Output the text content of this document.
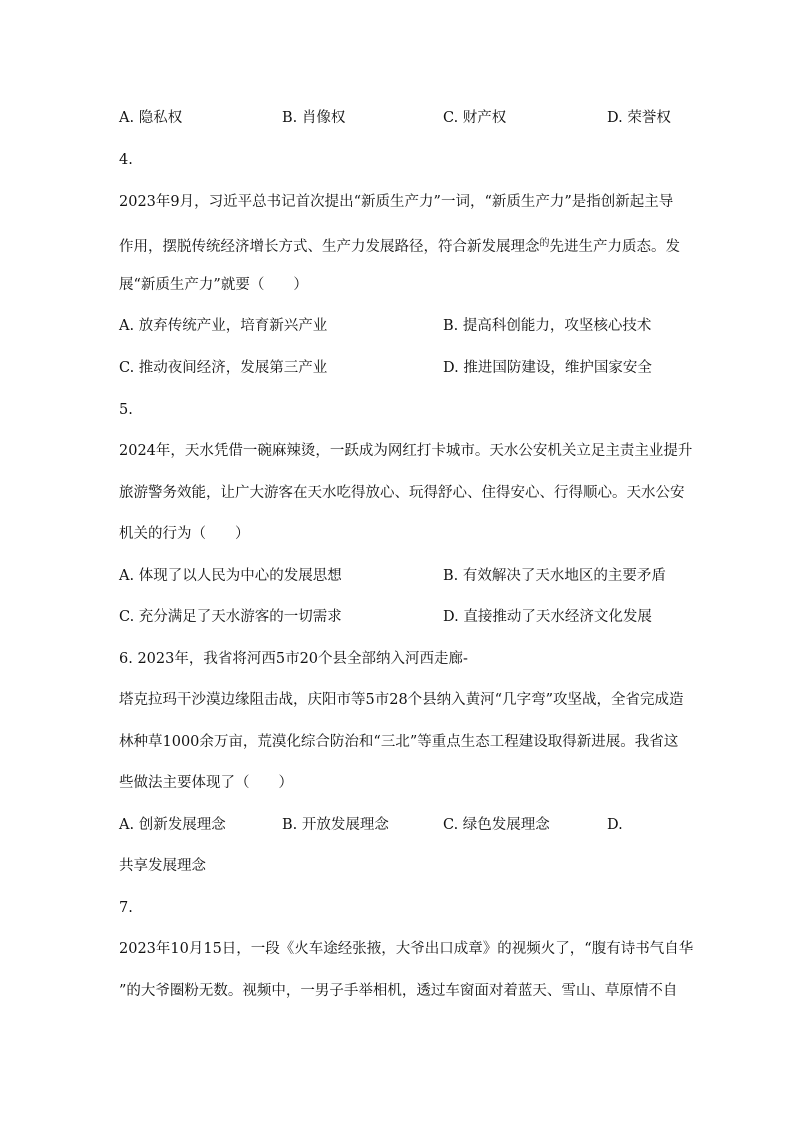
A. 隐私权	B. 肖像权	C. 财产权	D. 荣誉权
4.
2023年9月，习近平总书记首次提出“新质生产力”一词，“新质生产力”是指创新起主导
作用，摆脱传统经济增长方式、生产力发展路径，符合新发展理念$^的$先进生产力质态。发
展“新质生产力”就要（　　）
A. 放弃传统产业，培育新兴产业	B. 提高科创能力，攻坚核心技术
C. 推动夜间经济，发展第三产业	D. 推进国防建设，维护国家安全
5.
2024年，天水凭借一碗麻辣烫，一跃成为网红打卡城市。天水公安机关立足主责主业提升
旅游警务效能，让广大游客在天水吃得放心、玩得舒心、住得安心、行得顺心。天水公安
机关的行为（　　）
A. 体现了以人民为中心的发展思想	B. 有效解决了天水地区的主要矛盾
C. 充分满足了天水游客的一切需求	D. 直接推动了天水经济文化发展
6. 2023年，我省将河西5市20个县全部纳入河西走廊-
塔克拉玛干沙漠边缘阻击战，庆阳市等5市28个县纳入黄河“几字弯”攻坚战，全省完成造
林种草1000余万亩，荒漠化综合防治和“三北”等重点生态工程建设取得新进展。我省这
些做法主要体现了（　　）
A. 创新发展理念	B. 开放发展理念	C. 绿色发展理念	D.
共享发展理念
7.
2023年10月15日，一段《火车途经张掖，大爷出口成章》的视频火了，“腹有诗书气自华
”的大爷圈粉无数。视频中，一男子手举相机，透过车窗面对着蓝天、雪山、草原情不自
